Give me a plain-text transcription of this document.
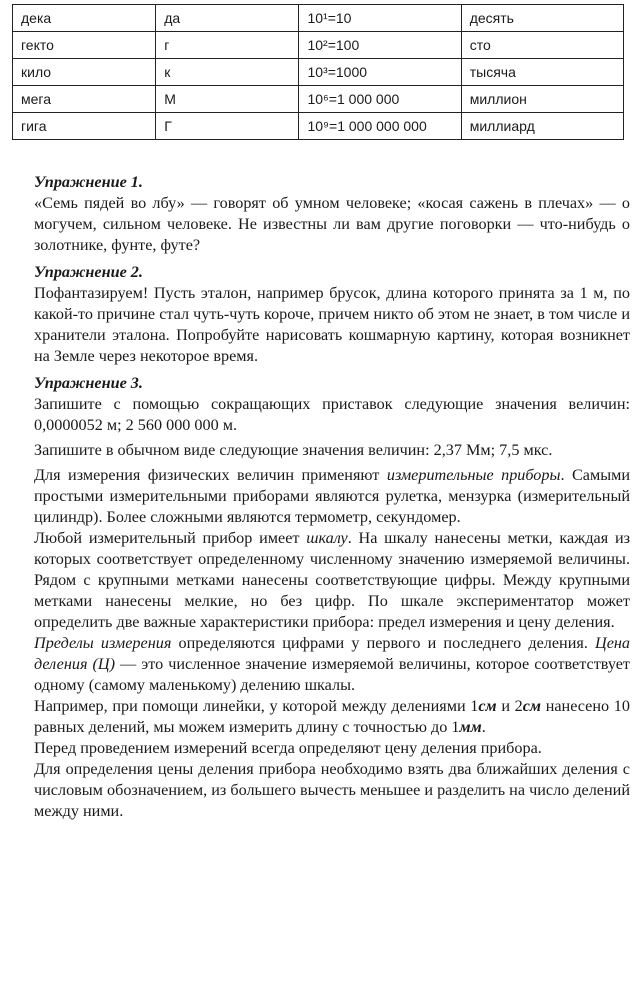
дека	да	10¹=10	десять
гекто	г	10²=100	сто
кило	к	10³=1000	тысяча
мега	М	10⁶=1 000 000	миллион
гига	Г	10⁹=1 000 000 000	миллиард

Упражнение 1.

«Семь пядей во лбу» — говорят об умном человеке; «косая сажень в плечах» — о могучем, сильном человеке. Не известны ли вам другие поговорки — что-нибудь о золотнике, фунте, футе?

Упражнение 2.

Пофантазируем! Пусть эталон, например брусок, длина которого принята за 1 м, по какой-то причине стал чуть-чуть короче, причем никто об этом не знает, в том числе и хранители эталона. Попробуйте нарисовать кошмарную картину, которая возникнет на Земле через некоторое время.

Упражнение 3.

Запишите с помощью сокращающих приставок следующие значения величин: 0,0000052 м; 2 560 000 000 м.

Запишите в обычном виде следующие значения величин: 2,37 Мм; 7,5 мкс.

Для измерения физических величин применяют измерительные приборы. Самыми простыми измерительными приборами являются рулетка, мензурка (измерительный цилиндр). Более сложными являются термометр, секундомер.

Любой измерительный прибор имеет шкалу. На шкалу нанесены метки, каждая из которых соответствует определенному численному значению измеряемой величины. Рядом с крупными метками нанесены соответствующие цифры. Между крупными метками нанесены мелкие, но без цифр. По шкале экспериментатор может определить две важные характеристики прибора: предел измерения и цену деления.

Пределы измерения определяются цифрами у первого и последнего деления. Цена деления (Ц) — это численное значение измеряемой величины, которое соответствует одному (самому маленькому) делению шкалы.

Например, при помощи линейки, у которой между делениями 1см и 2см нанесено 10 равных делений, мы можем измерить длину с точностью до 1мм.

Перед проведением измерений всегда определяют цену деления прибора.

Для определения цены деления прибора необходимо взять два ближайших деления с числовым обозначением, из большего вычесть меньшее и разделить на число делений между ними.
